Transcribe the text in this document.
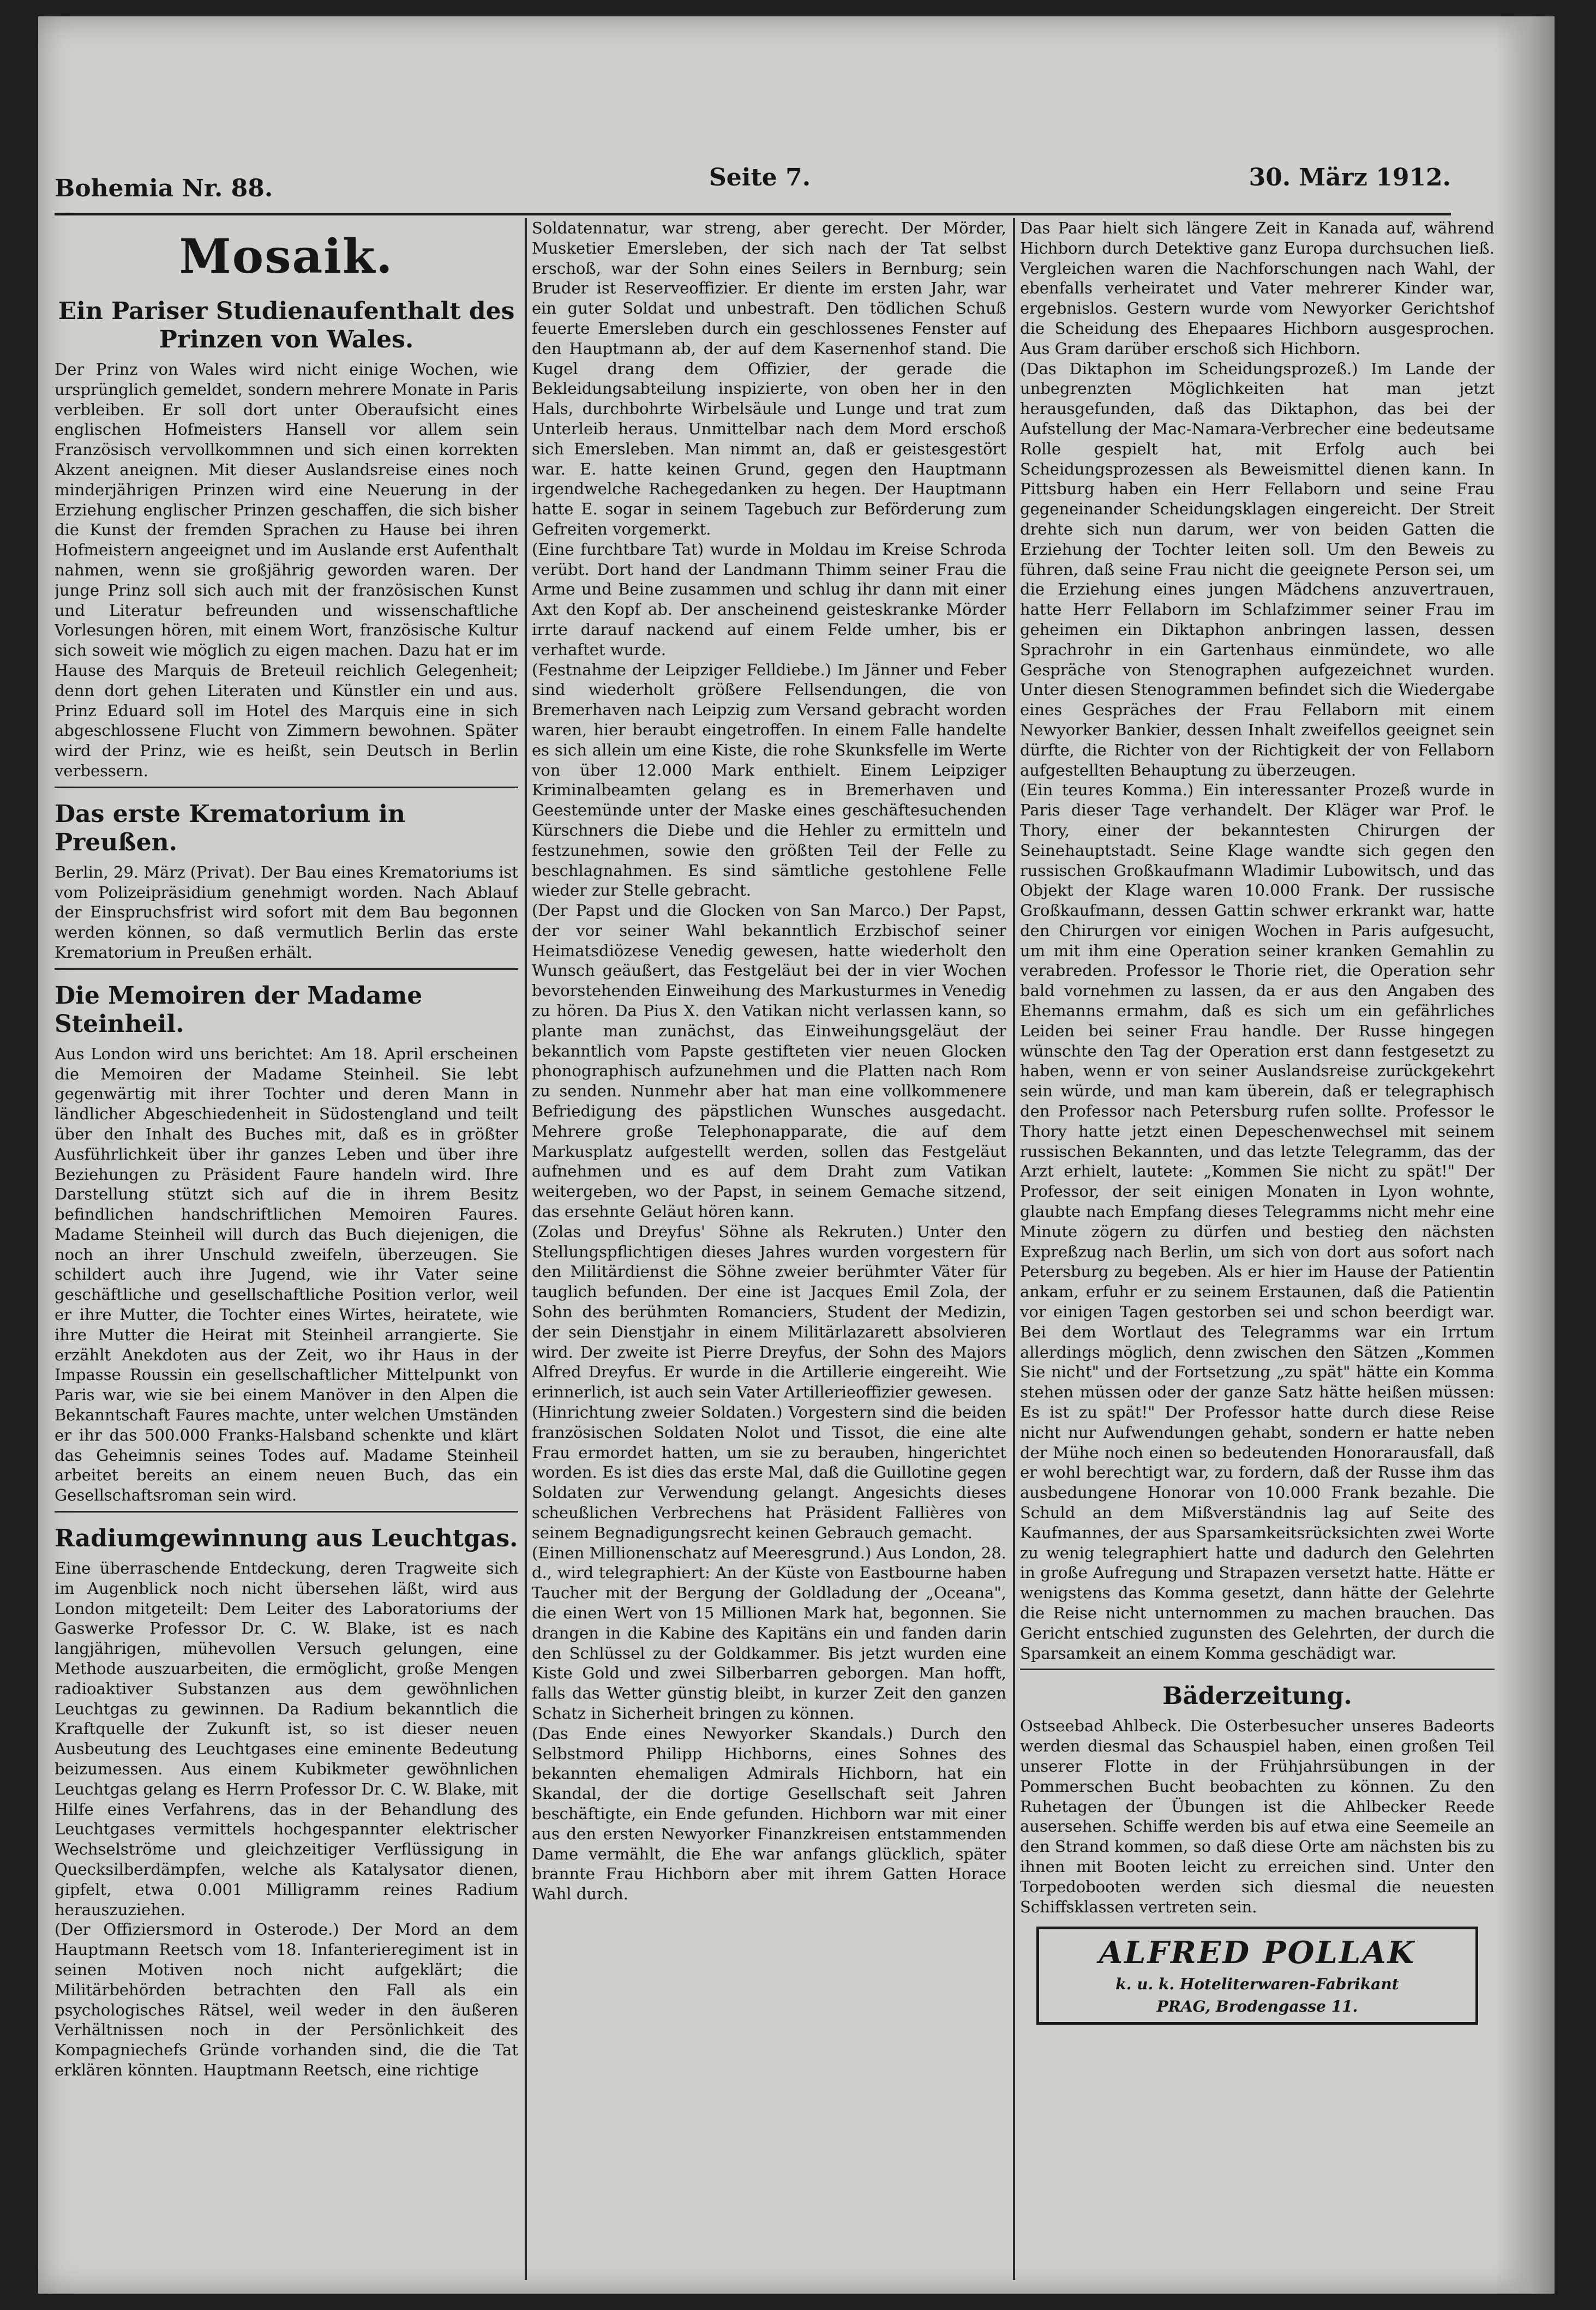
Bohemia Nr. 88.	Seite 7.	30. März 1912.
Mosaik.
Ein Pariser Studienaufenthalt des Prinzen von Wales.

Der Prinz von Wales wird nicht einige Wochen, wie ursprünglich gemeldet, sondern mehrere Monate in Paris verbleiben. Er soll dort unter Oberaufsicht eines englischen Hofmeisters Hansell vor allem sein Französisch vervollkommnen und sich einen korrekten Akzent aneignen. Mit dieser Auslandsreise eines noch minderjährigen Prinzen wird eine Neuerung in der Erziehung englischer Prinzen geschaffen, die sich bisher die Kunst der fremden Sprachen zu Hause bei ihren Hofmeistern angeeignet und im Auslande erst Aufenthalt nahmen, wenn sie großjährig geworden waren. Der junge Prinz soll sich auch mit der französischen Kunst und Literatur befreunden und wissenschaftliche Vorlesungen hören, mit einem Wort, französische Kultur sich soweit wie möglich zu eigen machen. Dazu hat er im Hause des Marquis de Breteuil reichlich Gelegenheit; denn dort gehen Literaten und Künstler ein und aus. Prinz Eduard soll im Hotel des Marquis eine in sich abgeschlossene Flucht von Zimmern bewohnen. Später wird der Prinz, wie es heißt, sein Deutsch in Berlin verbessern.

Das erste Krematorium in Preußen.

Berlin, 29. März (Privat). Der Bau eines Krematoriums ist vom Polizeipräsidium genehmigt worden. Nach Ablauf der Einspruchsfrist wird sofort mit dem Bau begonnen werden können, so daß vermutlich Berlin das erste Krematorium in Preußen erhält.

Die Memoiren der Madame Steinheil.

Aus London wird uns berichtet: Am 18. April erscheinen die Memoiren der Madame Steinheil. Sie lebt gegenwärtig mit ihrer Tochter und deren Mann in ländlicher Abgeschiedenheit in Südostengland und teilt über den Inhalt des Buches mit, daß es in größter Ausführlichkeit über ihr ganzes Leben und über ihre Beziehungen zu Präsident Faure handeln wird. Ihre Darstellung stützt sich auf die in ihrem Besitz befindlichen handschriftlichen Memoiren Faures. Madame Steinheil will durch das Buch diejenigen, die noch an ihrer Unschuld zweifeln, überzeugen. Sie schildert auch ihre Jugend, wie ihr Vater seine geschäftliche und gesellschaftliche Position verlor, weil er ihre Mutter, die Tochter eines Wirtes, heiratete, wie ihre Mutter die Heirat mit Steinheil arrangierte. Sie erzählt Anekdoten aus der Zeit, wo ihr Haus in der Impasse Roussin ein gesellschaftlicher Mittelpunkt von Paris war, wie sie bei einem Manöver in den Alpen die Bekanntschaft Faures machte, unter welchen Umständen er ihr das 500.000 Franks-Halsband schenkte und klärt das Geheimnis seines Todes auf. Madame Steinheil arbeitet bereits an einem neuen Buch, das ein Gesellschaftsroman sein wird.

Radiumgewinnung aus Leuchtgas.

Eine überraschende Entdeckung, deren Tragweite sich im Augenblick noch nicht übersehen läßt, wird aus London mitgeteilt: Dem Leiter des Laboratoriums der Gaswerke Professor Dr. C. W. Blake, ist es nach langjährigen, mühevollen Versuch gelungen, eine Methode auszuarbeiten, die ermöglicht, große Mengen radioaktiver Substanzen aus dem gewöhnlichen Leuchtgas zu gewinnen. Da Radium bekanntlich die Kraftquelle der Zukunft ist, so ist dieser neuen Ausbeutung des Leuchtgases eine eminente Bedeutung beizumessen. Aus einem Kubikmeter gewöhnlichen Leuchtgas gelang es Herrn Professor Dr. C. W. Blake, mit Hilfe eines Verfahrens, das in der Behandlung des Leuchtgases vermittels hochgespannter elektrischer Wechselströme und gleichzeitiger Verflüssigung in Quecksilberdämpfen, welche als Katalysator dienen, gipfelt, etwa 0.001 Milligramm reines Radium herauszuziehen.

(Der Offiziersmord in Osterode.) Der Mord an dem Hauptmann Reetsch vom 18. Infanterieregiment ist in seinen Motiven noch nicht aufgeklärt; die Militärbehörden betrachten den Fall als ein psychologisches Rätsel, weil weder in den äußeren Verhältnissen noch in der Persönlichkeit des Kompagniechefs Gründe vorhanden sind, die die Tat erklären könnten. Hauptmann Reetsch, eine richtige

Soldatennatur, war streng, aber gerecht. Der Mörder, Musketier Emersleben, der sich nach der Tat selbst erschoß, war der Sohn eines Seilers in Bernburg; sein Bruder ist Reserveoffizier. Er diente im ersten Jahr, war ein guter Soldat und unbestraft. Den tödlichen Schuß feuerte Emersleben durch ein geschlossenes Fenster auf den Hauptmann ab, der auf dem Kasernenhof stand. Die Kugel drang dem Offizier, der gerade die Bekleidungsabteilung inspizierte, von oben her in den Hals, durchbohrte Wirbelsäule und Lunge und trat zum Unterleib heraus. Unmittelbar nach dem Mord erschoß sich Emersleben. Man nimmt an, daß er geistesgestört war. E. hatte keinen Grund, gegen den Hauptmann irgendwelche Rachegedanken zu hegen. Der Hauptmann hatte E. sogar in seinem Tagebuch zur Beförderung zum Gefreiten vorgemerkt.

(Eine furchtbare Tat) wurde in Moldau im Kreise Schroda verübt. Dort hand der Landmann Thimm seiner Frau die Arme und Beine zusammen und schlug ihr dann mit einer Axt den Kopf ab. Der anscheinend geisteskranke Mörder irrte darauf nackend auf einem Felde umher, bis er verhaftet wurde.

(Festnahme der Leipziger Felldiebe.) Im Jänner und Feber sind wiederholt größere Fellsendungen, die von Bremerhaven nach Leipzig zum Versand gebracht worden waren, hier beraubt eingetroffen. In einem Falle handelte es sich allein um eine Kiste, die rohe Skunksfelle im Werte von über 12.000 Mark enthielt. Einem Leipziger Kriminalbeamten gelang es in Bremerhaven und Geestemünde unter der Maske eines geschäftesuchenden Kürschners die Diebe und die Hehler zu ermitteln und festzunehmen, sowie den größten Teil der Felle zu beschlagnahmen. Es sind sämtliche gestohlene Felle wieder zur Stelle gebracht.

(Der Papst und die Glocken von San Marco.) Der Papst, der vor seiner Wahl bekanntlich Erzbischof seiner Heimatsdiözese Venedig gewesen, hatte wiederholt den Wunsch geäußert, das Festgeläut bei der in vier Wochen bevorstehenden Einweihung des Markusturmes in Venedig zu hören. Da Pius X. den Vatikan nicht verlassen kann, so plante man zunächst, das Einweihungsgeläut der bekanntlich vom Papste gestifteten vier neuen Glocken phonographisch aufzunehmen und die Platten nach Rom zu senden. Nunmehr aber hat man eine vollkommenere Befriedigung des päpstlichen Wunsches ausgedacht. Mehrere große Telephonapparate, die auf dem Markusplatz aufgestellt werden, sollen das Festgeläut aufnehmen und es auf dem Draht zum Vatikan weitergeben, wo der Papst, in seinem Gemache sitzend, das ersehnte Geläut hören kann.

(Zolas und Dreyfus' Söhne als Rekruten.) Unter den Stellungspflichtigen dieses Jahres wurden vorgestern für den Militärdienst die Söhne zweier berühmter Väter für tauglich befunden. Der eine ist Jacques Emil Zola, der Sohn des berühmten Romanciers, Student der Medizin, der sein Dienstjahr in einem Militärlazarett absolvieren wird. Der zweite ist Pierre Dreyfus, der Sohn des Majors Alfred Dreyfus. Er wurde in die Artillerie eingereiht. Wie erinnerlich, ist auch sein Vater Artillerieoffizier gewesen.

(Hinrichtung zweier Soldaten.) Vorgestern sind die beiden französischen Soldaten Nolot und Tissot, die eine alte Frau ermordet hatten, um sie zu berauben, hingerichtet worden. Es ist dies das erste Mal, daß die Guillotine gegen Soldaten zur Verwendung gelangt. Angesichts dieses scheußlichen Verbrechens hat Präsident Fallières von seinem Begnadigungsrecht keinen Gebrauch gemacht.

(Einen Millionenschatz auf Meeresgrund.) Aus London, 28. d., wird telegraphiert: An der Küste von Eastbourne haben Taucher mit der Bergung der Goldladung der „Oceana", die einen Wert von 15 Millionen Mark hat, begonnen. Sie drangen in die Kabine des Kapitäns ein und fanden darin den Schlüssel zu der Goldkammer. Bis jetzt wurden eine Kiste Gold und zwei Silberbarren geborgen. Man hofft, falls das Wetter günstig bleibt, in kurzer Zeit den ganzen Schatz in Sicherheit bringen zu können.

(Das Ende eines Newyorker Skandals.) Durch den Selbstmord Philipp Hichborns, eines Sohnes des bekannten ehemaligen Admirals Hichborn, hat ein Skandal, der die dortige Gesellschaft seit Jahren beschäftigte, ein Ende gefunden. Hichborn war mit einer aus den ersten Newyorker Finanzkreisen entstammenden Dame vermählt, die Ehe war anfangs glücklich, später brannte Frau Hichborn aber mit ihrem Gatten Horace Wahl durch.

Das Paar hielt sich längere Zeit in Kanada auf, während Hichborn durch Detektive ganz Europa durchsuchen ließ. Vergleichen waren die Nachforschungen nach Wahl, der ebenfalls verheiratet und Vater mehrerer Kinder war, ergebnislos. Gestern wurde vom Newyorker Gerichtshof die Scheidung des Ehepaares Hichborn ausgesprochen. Aus Gram darüber erschoß sich Hichborn.

(Das Diktaphon im Scheidungsprozeß.) Im Lande der unbegrenzten Möglichkeiten hat man jetzt herausgefunden, daß das Diktaphon, das bei der Aufstellung der Mac-Namara-Verbrecher eine bedeutsame Rolle gespielt hat, mit Erfolg auch bei Scheidungsprozessen als Beweismittel dienen kann. In Pittsburg haben ein Herr Fellaborn und seine Frau gegeneinander Scheidungsklagen eingereicht. Der Streit drehte sich nun darum, wer von beiden Gatten die Erziehung der Tochter leiten soll. Um den Beweis zu führen, daß seine Frau nicht die geeignete Person sei, um die Erziehung eines jungen Mädchens anzuvertrauen, hatte Herr Fellaborn im Schlafzimmer seiner Frau im geheimen ein Diktaphon anbringen lassen, dessen Sprachrohr in ein Gartenhaus einmündete, wo alle Gespräche von Stenographen aufgezeichnet wurden. Unter diesen Stenogrammen befindet sich die Wiedergabe eines Gespräches der Frau Fellaborn mit einem Newyorker Bankier, dessen Inhalt zweifellos geeignet sein dürfte, die Richter von der Richtigkeit der von Fellaborn aufgestellten Behauptung zu überzeugen.

(Ein teures Komma.) Ein interessanter Prozeß wurde in Paris dieser Tage verhandelt. Der Kläger war Prof. le Thory, einer der bekanntesten Chirurgen der Seinehauptstadt. Seine Klage wandte sich gegen den russischen Großkaufmann Wladimir Lubowitsch, und das Objekt der Klage waren 10.000 Frank. Der russische Großkaufmann, dessen Gattin schwer erkrankt war, hatte den Chirurgen vor einigen Wochen in Paris aufgesucht, um mit ihm eine Operation seiner kranken Gemahlin zu verabreden. Professor le Thorie riet, die Operation sehr bald vornehmen zu lassen, da er aus den Angaben des Ehemanns ermahm, daß es sich um ein gefährliches Leiden bei seiner Frau handle. Der Russe hingegen wünschte den Tag der Operation erst dann festgesetzt zu haben, wenn er von seiner Auslandsreise zurückgekehrt sein würde, und man kam überein, daß er telegraphisch den Professor nach Petersburg rufen sollte. Professor le Thory hatte jetzt einen Depeschenwechsel mit seinem russischen Bekannten, und das letzte Telegramm, das der Arzt erhielt, lautete: „Kommen Sie nicht zu spät!" Der Professor, der seit einigen Monaten in Lyon wohnte, glaubte nach Empfang dieses Telegramms nicht mehr eine Minute zögern zu dürfen und bestieg den nächsten Expreßzug nach Berlin, um sich von dort aus sofort nach Petersburg zu begeben. Als er hier im Hause der Patientin ankam, erfuhr er zu seinem Erstaunen, daß die Patientin vor einigen Tagen gestorben sei und schon beerdigt war. Bei dem Wortlaut des Telegramms war ein Irrtum allerdings möglich, denn zwischen den Sätzen „Kommen Sie nicht" und der Fortsetzung „zu spät" hätte ein Komma stehen müssen oder der ganze Satz hätte heißen müssen: Es ist zu spät!" Der Professor hatte durch diese Reise nicht nur Aufwendungen gehabt, sondern er hatte neben der Mühe noch einen so bedeutenden Honorarausfall, daß er wohl berechtigt war, zu fordern, daß der Russe ihm das ausbedungene Honorar von 10.000 Frank bezahle. Die Schuld an dem Mißverständnis lag auf Seite des Kaufmannes, der aus Sparsamkeitsrücksichten zwei Worte zu wenig telegraphiert hatte und dadurch den Gelehrten in große Aufregung und Strapazen versetzt hatte. Hätte er wenigstens das Komma gesetzt, dann hätte der Gelehrte die Reise nicht unternommen zu machen brauchen. Das Gericht entschied zugunsten des Gelehrten, der durch die Sparsamkeit an einem Komma geschädigt war.

Bäderzeitung.

Ostseebad Ahlbeck. Die Osterbesucher unseres Badeorts werden diesmal das Schauspiel haben, einen großen Teil unserer Flotte in der Frühjahrsübungen in der Pommerschen Bucht beobachten zu können. Zu den Ruhetagen der Übungen ist die Ahlbecker Reede ausersehen. Schiffe werden bis auf etwa eine Seemeile an den Strand kommen, so daß diese Orte am nächsten bis zu ihnen mit Booten leicht zu erreichen sind. Unter den Torpedobooten werden sich diesmal die neuesten Schiffsklassen vertreten sein.

ALFRED POLLAK
k. u. k. Hoteliterwaren-Fabrikant
PRAG, Brodengasse 11.
